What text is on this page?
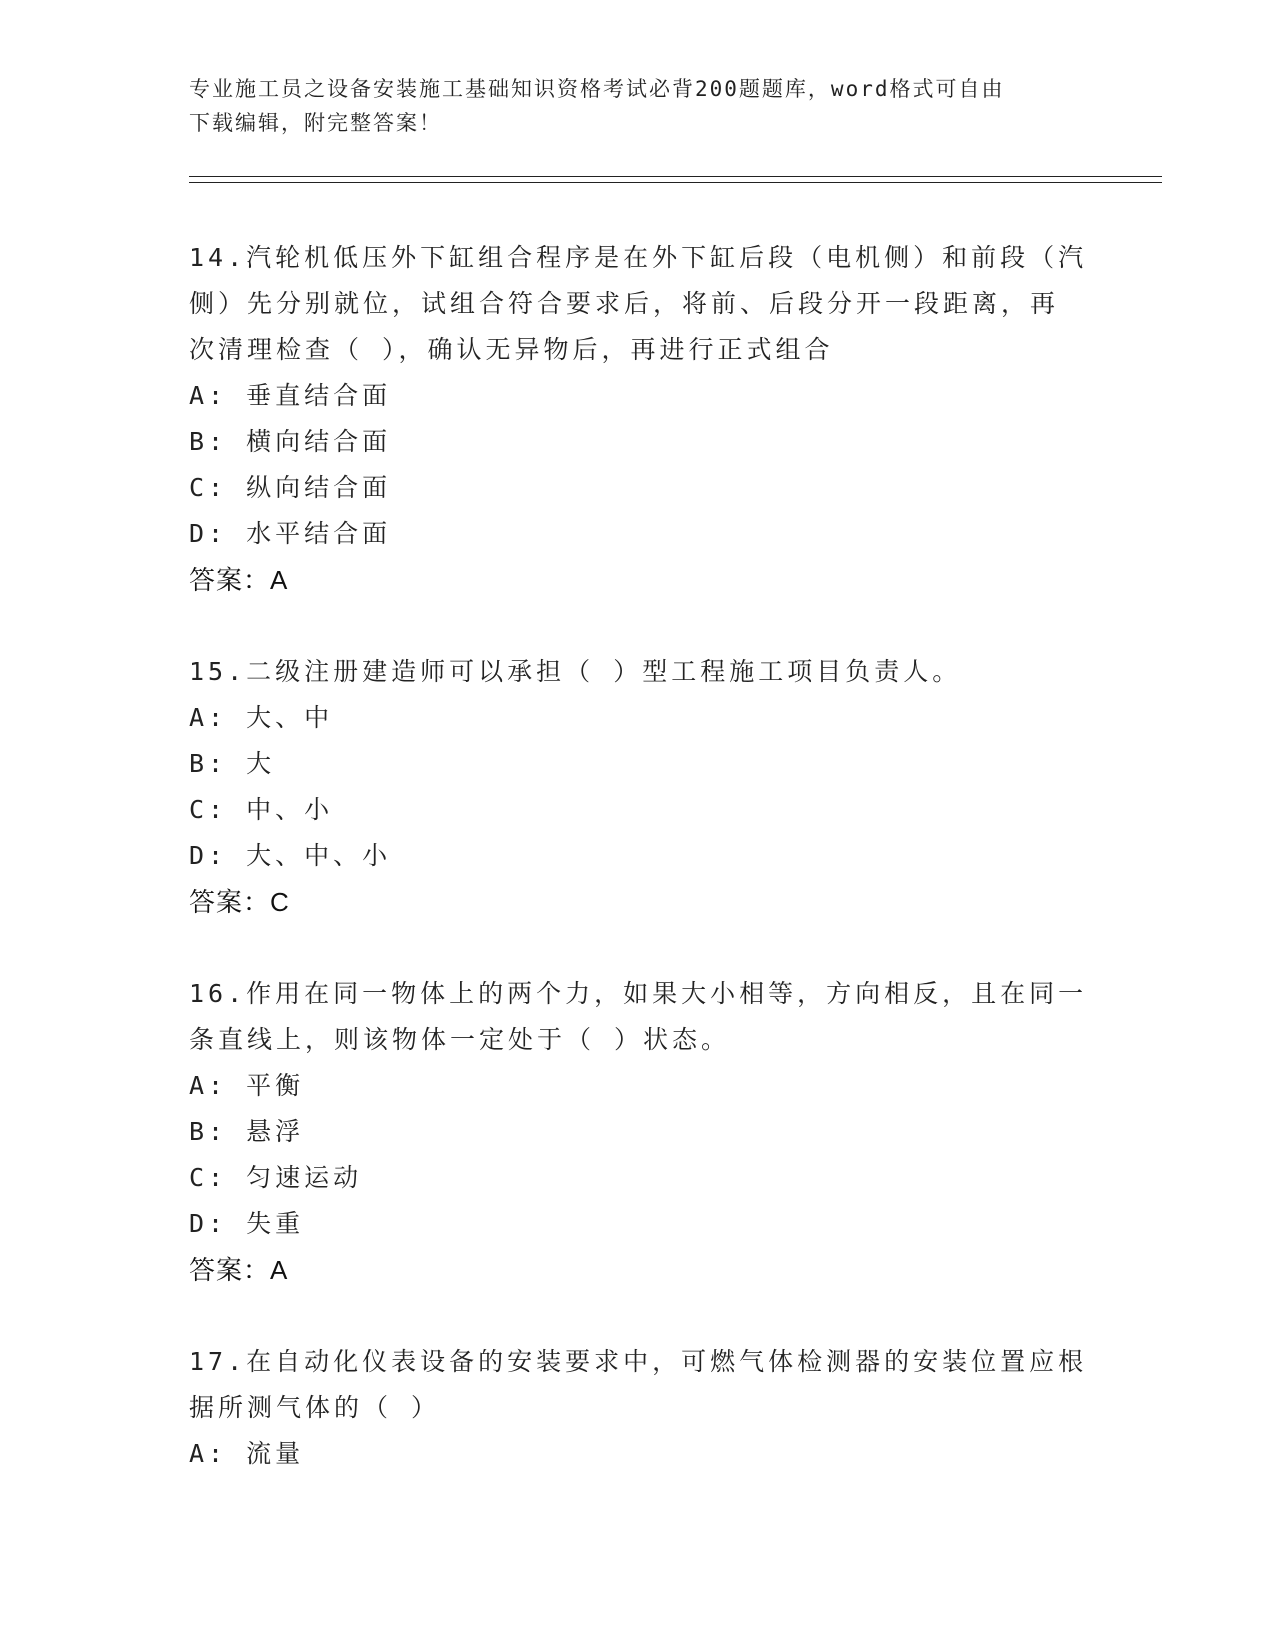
专业施工员之设备安装施工基础知识资格考试必背200题题库，word格式可自由
下载编辑，附完整答案！
14.汽轮机低压外下缸组合程序是在外下缸后段（电机侧）和前段（汽
侧）先分别就位，试组合符合要求后，将前、后段分开一段距离，再
次清理检查（ ），确认无异物后，再进行正式组合
A: 垂直结合面
B: 横向结合面
C: 纵向结合面
D: 水平结合面
答案：A
15.二级注册建造师可以承担（ ）型工程施工项目负责人。
A: 大、中
B: 大
C: 中、小
D: 大、中、小
答案：C
16.作用在同一物体上的两个力，如果大小相等，方向相反，且在同一
条直线上，则该物体一定处于（ ）状态。
A: 平衡
B: 悬浮
C: 匀速运动
D: 失重
答案：A
17.在自动化仪表设备的安装要求中，可燃气体检测器的安装位置应根
据所测气体的（ ）
A: 流量
